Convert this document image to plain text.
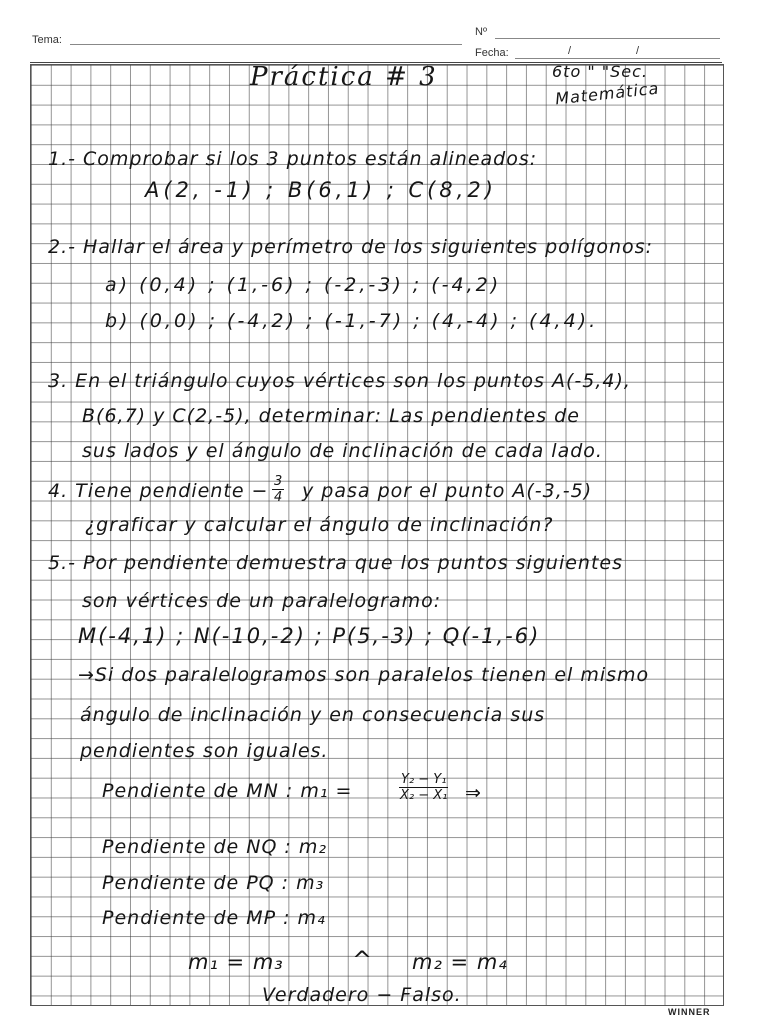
Tema:
Nº
Fecha:	/	/
Práctica # 3	6to " "Sec.
Matemática
1.- Comprobar si los 3 puntos están alineados:
A(2, -1) ; B(6,1) ; C(8,2)
2.- Hallar el área y perímetro de los siguientes polígonos:
a) (0,4) ; (1,-6) ; (-2,-3) ; (-4,2)
b) (0,0) ; (-4,2) ; (-1,-7) ; (4,-4) ; (4,4).
3. En el triángulo cuyos vértices son los puntos A(-5,4),
B(6,7) y C(2,-5), determinar: Las pendientes de
sus lados y el ángulo de inclinación de cada lado.
4. Tiene pendiente − $\frac{3}{4}$ y pasa por el punto A(-3,-5)
¿graficar y calcular el ángulo de inclinación?
5.- Por pendiente demuestra que los puntos siguientes
son vértices de un paralelogramo:
M(-4,1) ; N(-10,-2) ; P(5,-3) ; Q(-1,-6)
→Si dos paralelogramos son paralelos tienen el mismo
ángulo de inclinación y en consecuencia sus
pendientes son iguales.
Pendiente de MN : m₁ =	$\frac{\text{Y₂ − Y₁}}{\text{X₂ − X₁}}$ ⇒
Pendiente de NQ : m₂
Pendiente de PQ : m₃
Pendiente de MP : m₄
m₁ = m₃	^ m₂ = m₄
Verdadero − Falso.
WINNER
